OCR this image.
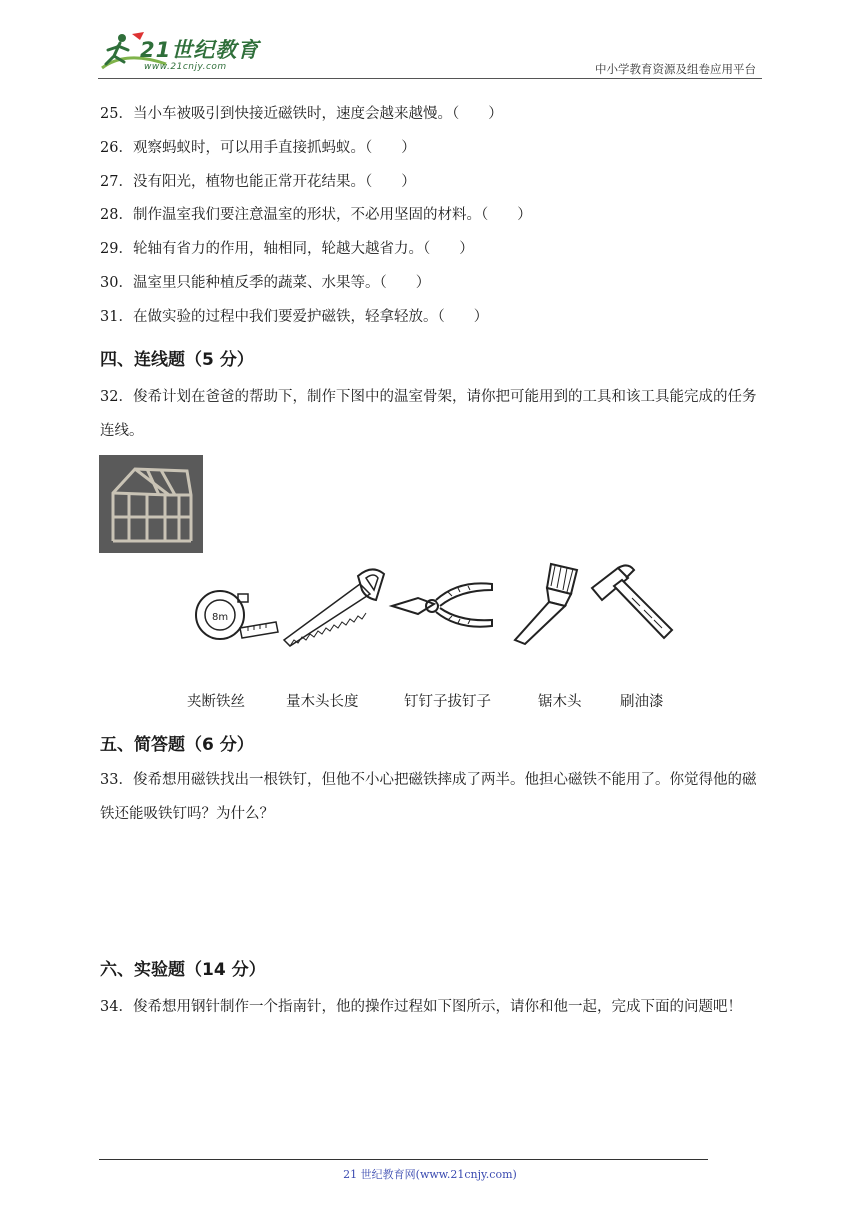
21世纪教育
www.21cnjy.com	中小学教育资源及组卷应用平台
25．当小车被吸引到快接近磁铁时，速度会越来越慢。（　　）
26．观察蚂蚁时，可以用手直接抓蚂蚁。（　　）
27．没有阳光，植物也能正常开花结果。（　　）
28．制作温室我们要注意温室的形状，不必用坚固的材料。（　　）
29．轮轴有省力的作用，轴相同，轮越大越省力。（　　）
30．温室里只能种植反季的蔬菜、水果等。（　　）
31．在做实验的过程中我们要爱护磁铁，轻拿轻放。（　　）
四、连线题（5 分）
32．俊希计划在爸爸的帮助下，制作下图中的温室骨架，请你把可能用到的工具和该工具能完成的任务连线。
8m
夹断铁丝	量木头长度	钉钉子拔钉子	锯木头	刷油漆
五、简答题（6 分）
33．俊希想用磁铁找出一根铁钉，但他不小心把磁铁摔成了两半。他担心磁铁不能用了。你觉得他的磁铁还能吸铁钉吗？为什么？
六、实验题（14 分）
34．俊希想用钢针制作一个指南针，他的操作过程如下图所示，请你和他一起，完成下面的问题吧！
21 世纪教育网(www.21cnjy.com)
